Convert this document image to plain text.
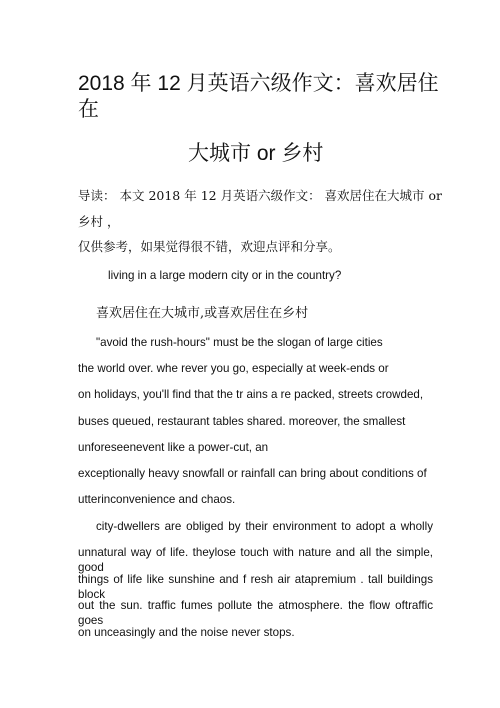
2018 年 12 月英语六级作文：喜欢居住

在

大城市 or 乡村

导读： 本文 2018 年 12 月英语六级作文： 喜欢居住在大城市 or

乡村 ，

仅供参考，如果觉得很不错，欢迎点评和分享。

living in a large modern city or in the country?

喜欢居住在大城市,或喜欢居住在乡村

"avoid the rush-hours" must be the slogan of large cities

the world over. whe rever you go, especially at week-ends or

on holidays, you'll find that the tr ains a re packed, streets crowded,

buses queued, restaurant tables shared. moreover, the smallest

unforeseenevent like a power-cut, an

exceptionally heavy snowfall or rainfall can bring about conditions of

utterinconvenience and chaos.

city-dwellers are obliged by their environment to adopt a wholly

unnatural way of life. theylose touch with nature and all the simple, good

things of life like sunshine and f resh air atapremium . tall buildings block

out the sun. traffic fumes pollute the atmosphere. the flow oftraffic goes

on unceasingly and the noise never stops.
